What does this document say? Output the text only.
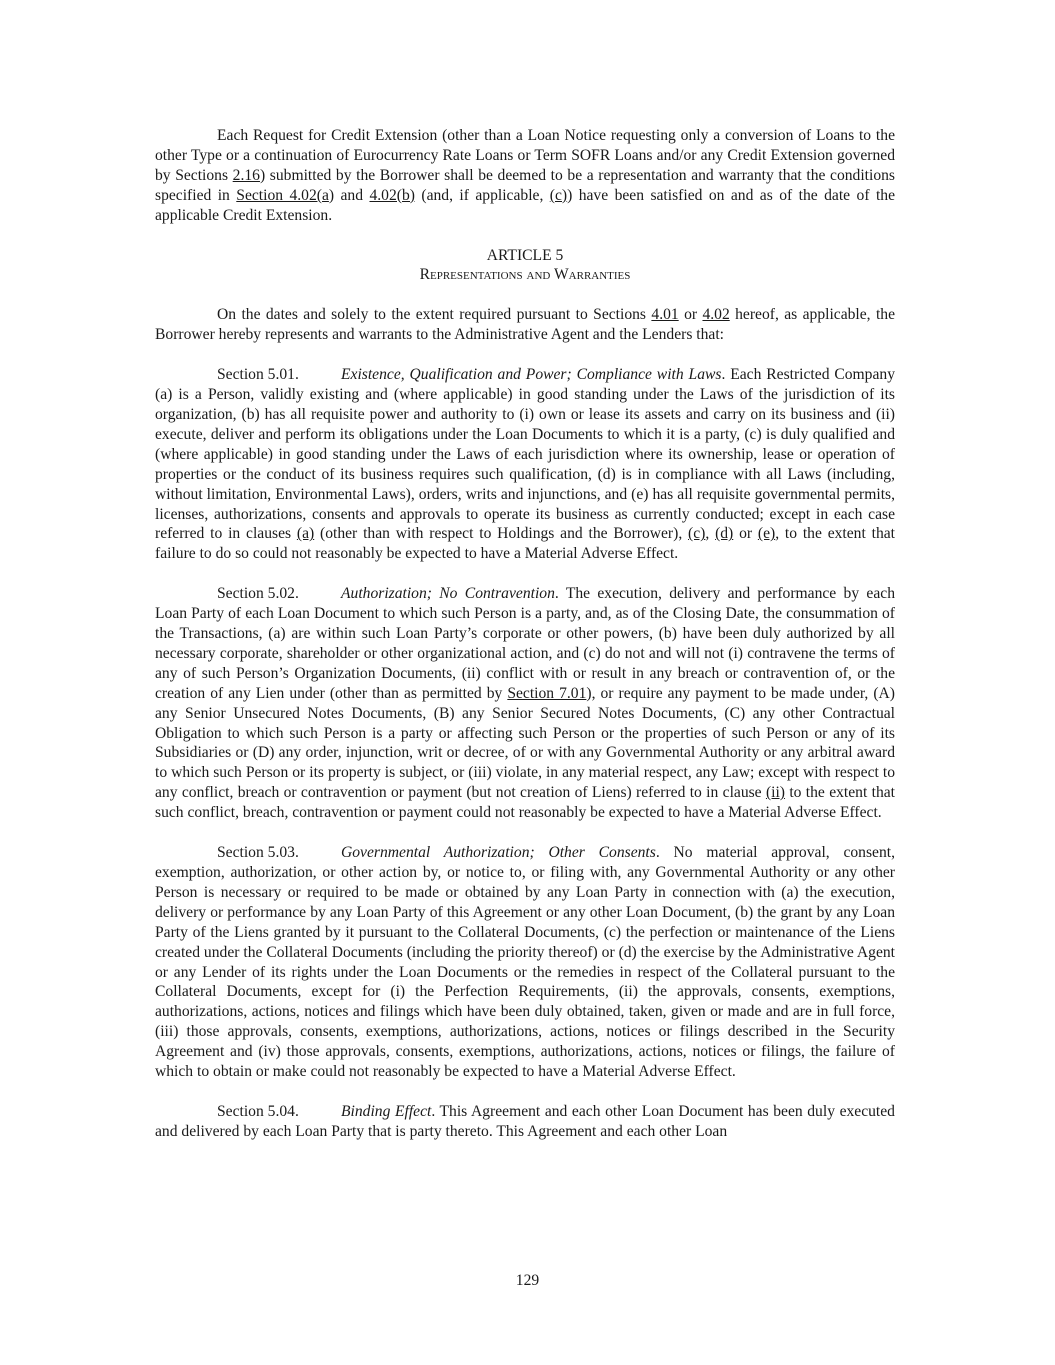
Each Request for Credit Extension (other than a Loan Notice requesting only a conversion of Loans to the other Type or a continuation of Eurocurrency Rate Loans or Term SOFR Loans and/or any Credit Extension governed by Sections 2.16) submitted by the Borrower shall be deemed to be a representation and warranty that the conditions specified in Section 4.02(a) and 4.02(b) (and, if applicable, (c)) have been satisfied on and as of the date of the applicable Credit Extension.

ARTICLE 5
Representations and Warranties

On the dates and solely to the extent required pursuant to Sections 4.01 or 4.02 hereof, as applicable, the Borrower hereby represents and warrants to the Administrative Agent and the Lenders that:

Section 5.01.	Existence, Qualification and Power; Compliance with Laws. Each Restricted Company (a) is a Person, validly existing and (where applicable) in good standing under the Laws of the jurisdiction of its organization, (b) has all requisite power and authority to (i) own or lease its assets and carry on its business and (ii) execute, deliver and perform its obligations under the Loan Documents to which it is a party, (c) is duly qualified and (where applicable) in good standing under the Laws of each jurisdiction where its ownership, lease or operation of properties or the conduct of its business requires such qualification, (d) is in compliance with all Laws (including, without limitation, Environmental Laws), orders, writs and injunctions, and (e) has all requisite governmental permits, licenses, authorizations, consents and approvals to operate its business as currently conducted; except in each case referred to in clauses (a) (other than with respect to Holdings and the Borrower), (c), (d) or (e), to the extent that failure to do so could not reasonably be expected to have a Material Adverse Effect.

Section 5.02.	Authorization; No Contravention. The execution, delivery and performance by each Loan Party of each Loan Document to which such Person is a party, and, as of the Closing Date, the consummation of the Transactions, (a) are within such Loan Party’s corporate or other powers, (b) have been duly authorized by all necessary corporate, shareholder or other organizational action, and (c) do not and will not (i) contravene the terms of any of such Person’s Organization Documents, (ii) conflict with or result in any breach or contravention of, or the creation of any Lien under (other than as permitted by Section 7.01), or require any payment to be made under, (A) any Senior Unsecured Notes Documents, (B) any Senior Secured Notes Documents, (C) any other Contractual Obligation to which such Person is a party or affecting such Person or the properties of such Person or any of its Subsidiaries or (D) any order, injunction, writ or decree, of or with any Governmental Authority or any arbitral award to which such Person or its property is subject, or (iii) violate, in any material respect, any Law; except with respect to any conflict, breach or contravention or payment (but not creation of Liens) referred to in clause (ii) to the extent that such conflict, breach, contravention or payment could not reasonably be expected to have a Material Adverse Effect.

Section 5.03.	Governmental Authorization; Other Consents. No material approval, consent, exemption, authorization, or other action by, or notice to, or filing with, any Governmental Authority or any other Person is necessary or required to be made or obtained by any Loan Party in connection with (a) the execution, delivery or performance by any Loan Party of this Agreement or any other Loan Document, (b) the grant by any Loan Party of the Liens granted by it pursuant to the Collateral Documents, (c) the perfection or maintenance of the Liens created under the Collateral Documents (including the priority thereof) or (d) the exercise by the Administrative Agent or any Lender of its rights under the Loan Documents or the remedies in respect of the Collateral pursuant to the Collateral Documents, except for (i) the Perfection Requirements, (ii) the approvals, consents, exemptions, authorizations, actions, notices and filings which have been duly obtained, taken, given or made and are in full force, (iii) those approvals, consents, exemptions, authorizations, actions, notices or filings described in the Security Agreement and (iv) those approvals, consents, exemptions, authorizations, actions, notices or filings, the failure of which to obtain or make could not reasonably be expected to have a Material Adverse Effect.

Section 5.04.	Binding Effect. This Agreement and each other Loan Document has been duly executed and delivered by each Loan Party that is party thereto. This Agreement and each other Loan

129
